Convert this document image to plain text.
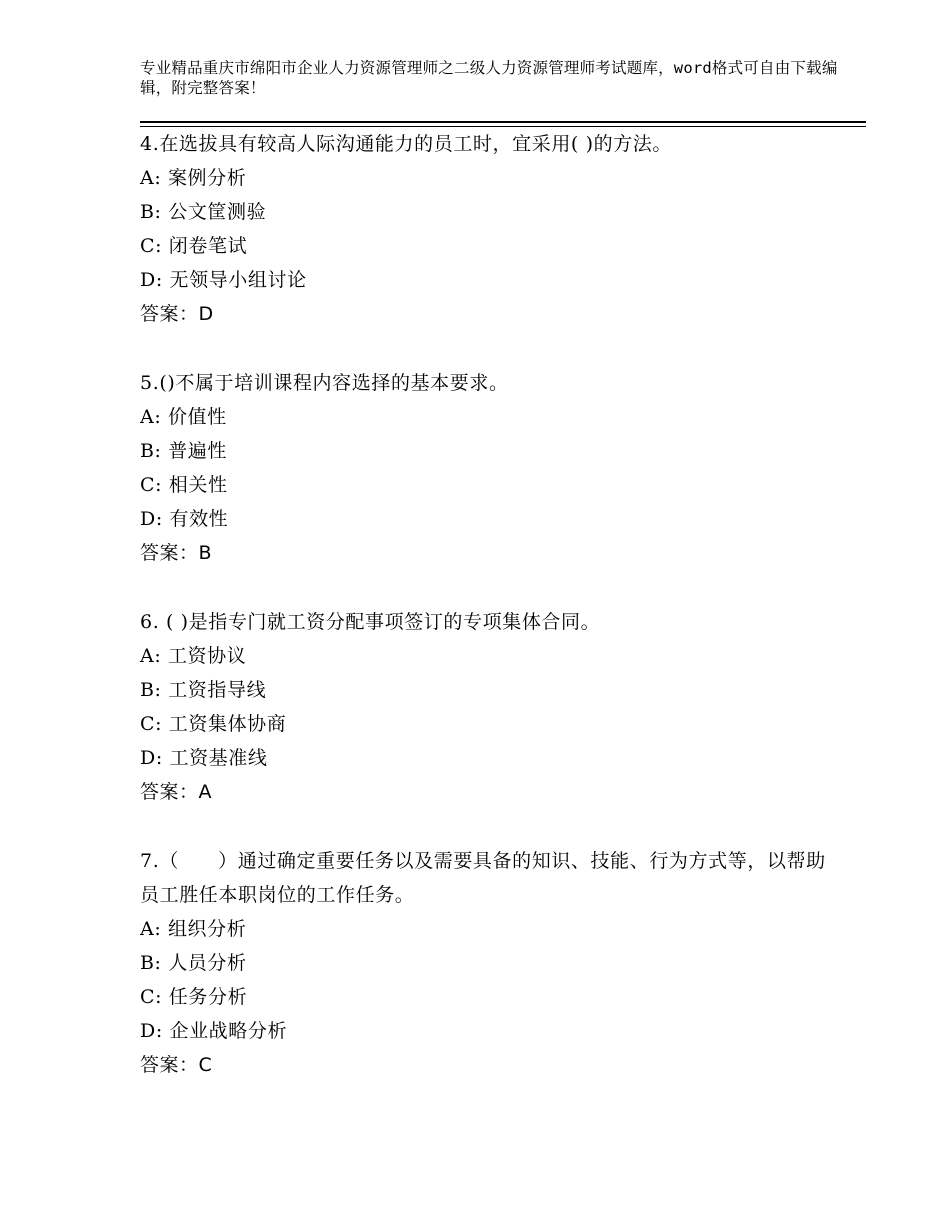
专业精品重庆市绵阳市企业人力资源管理师之二级人力资源管理师考试题库，word格式可自由下载编辑，附完整答案！
4.在选拔具有较高人际沟通能力的员工时，宜采用( )的方法。
A: 案例分析
B: 公文筐测验
C: 闭卷笔试
D: 无领导小组讨论
答案：D
5.()不属于培训课程内容选择的基本要求。
A: 价值性
B: 普遍性
C: 相关性
D: 有效性
答案：B
6. ( )是指专门就工资分配事项签订的专项集体合同。
A: 工资协议
B: 工资指导线
C: 工资集体协商
D: 工资基准线
答案：A
7.（　　）通过确定重要任务以及需要具备的知识、技能、行为方式等，以帮助员工胜任本职岗位的工作任务。
A: 组织分析
B: 人员分析
C: 任务分析
D: 企业战略分析
答案：C
